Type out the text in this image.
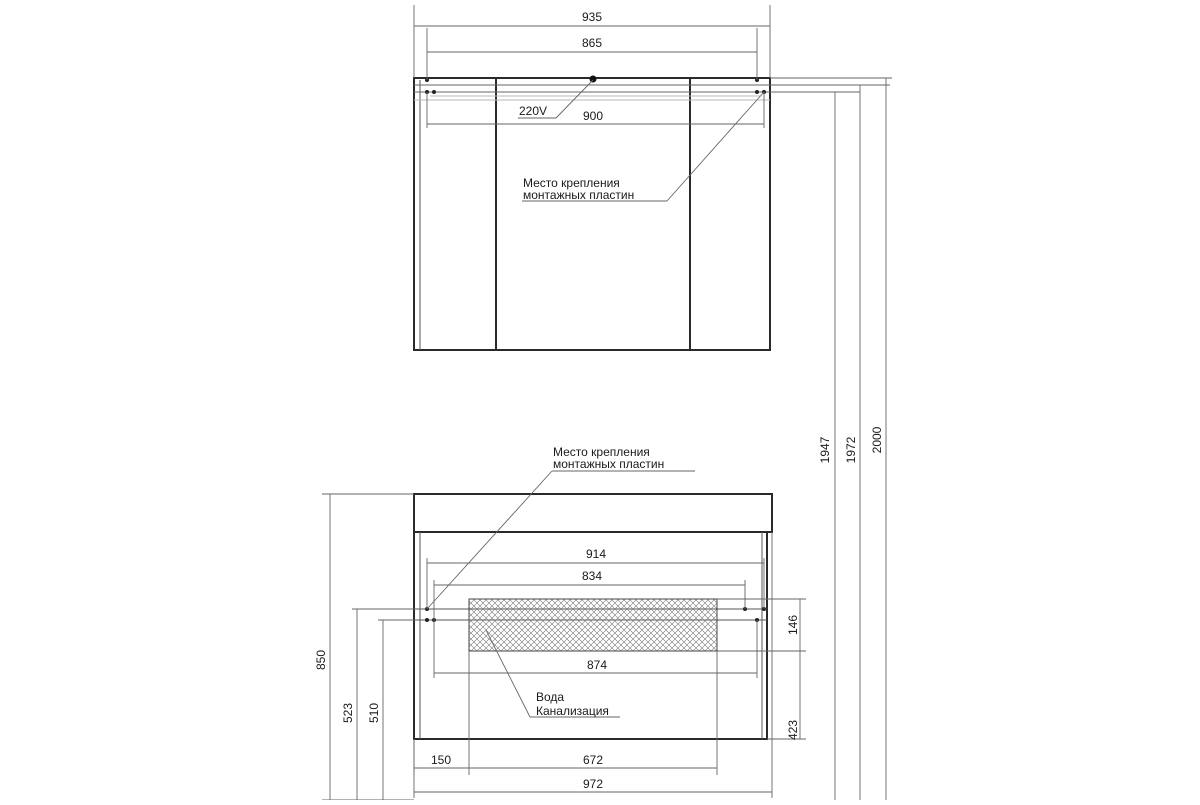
935
865
900
220V
Место крепления
монтажных пластин
Место крепления
монтажных пластин
914
834
874
Вода
Канализация
150	672
972
146
423
850
523 510
1947 1972 2000
